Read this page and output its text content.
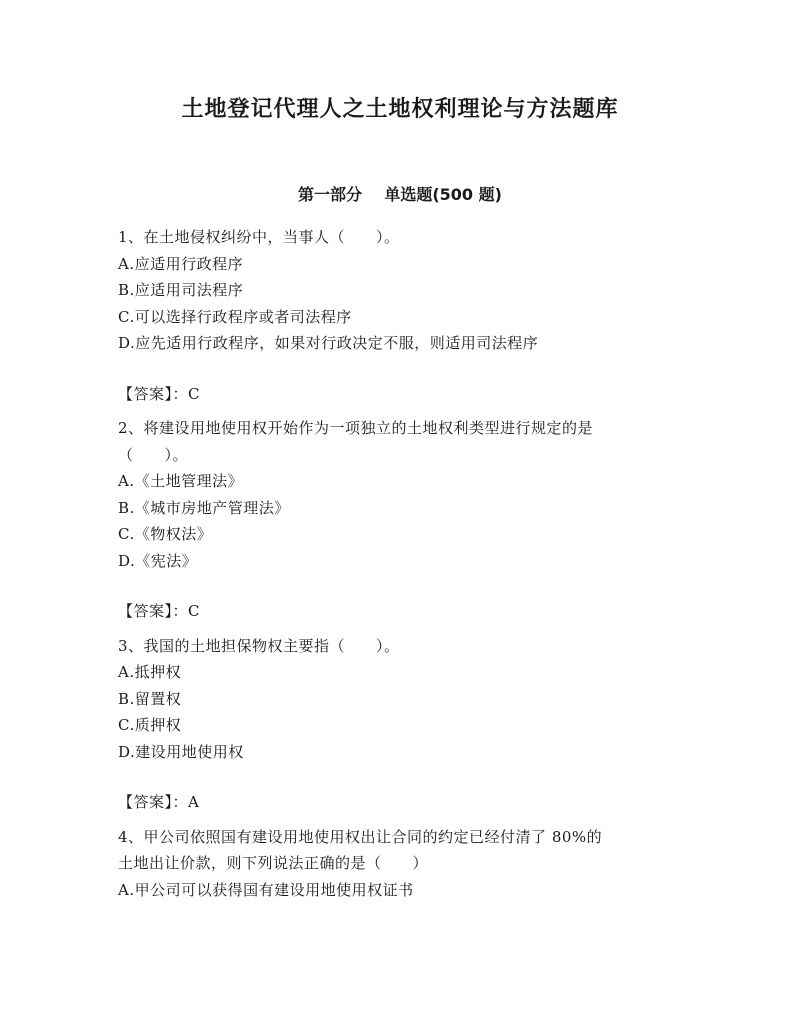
土地登记代理人之土地权利理论与方法题库
第一部分    单选题(500 题)
1、在土地侵权纠纷中，当事人（　　）。
A.应适用行政程序
B.应适用司法程序
C.可以选择行政程序或者司法程序
D.应先适用行政程序，如果对行政决定不服，则适用司法程序
【答案】：C
2、将建设用地使用权开始作为一项独立的土地权利类型进行规定的是
（　　）。
A.《土地管理法》
B.《城市房地产管理法》
C.《物权法》
D.《宪法》
【答案】：C
3、我国的土地担保物权主要指（　　）。
A.抵押权
B.留置权
C.质押权
D.建设用地使用权
【答案】：A
4、甲公司依照国有建设用地使用权出让合同的约定已经付清了 80%的
土地出让价款，则下列说法正确的是（　　）
A.甲公司可以获得国有建设用地使用权证书
